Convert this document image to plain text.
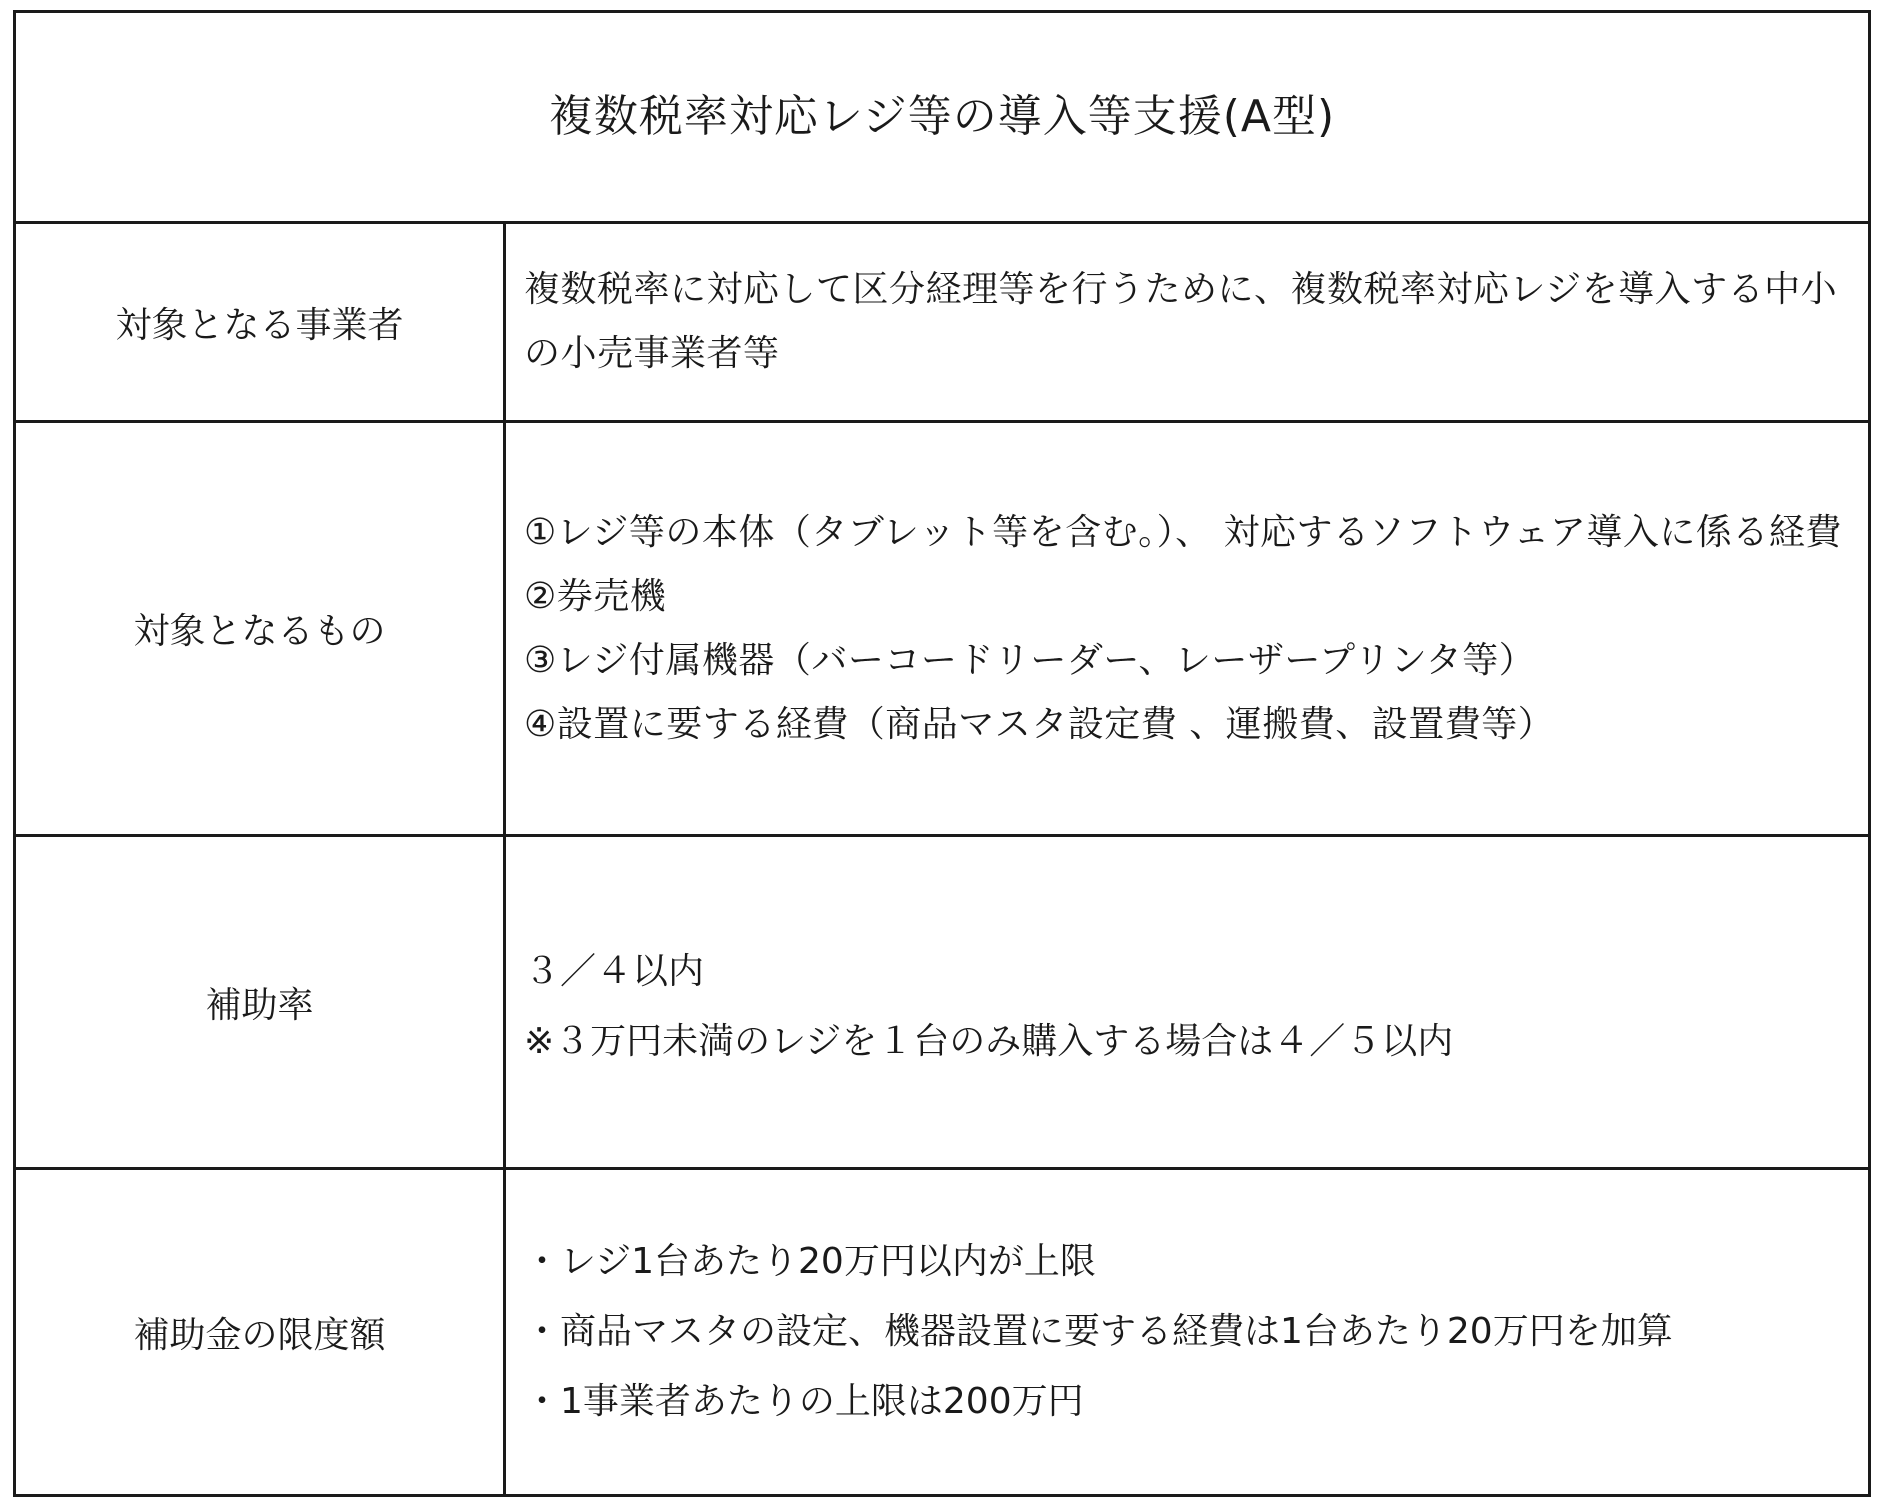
複数税率対応レジ等の導入等支援(A型)
対象となる事業者
複数税率に対応して区分経理等を行うために、複数税率対応レジを導入する中小 の小売事業者等
対象となるもの
①レジ等の本体（タブレット等を含む。）、 対応するソフトウェア導入に係る経費
②券売機
③レジ付属機器（バーコードリーダー、レーザープリンタ等）
④設置に要する経費（商品マスタ設定費 、運搬費、設置費等）
補助率
３／４以内
※３万円未満のレジを１台のみ購入する場合は４／５以内
補助金の限度額
・レジ1台あたり20万円以内が上限
・商品マスタの設定、機器設置に要する経費は1台あたり20万円を加算
・1事業者あたりの上限は200万円
